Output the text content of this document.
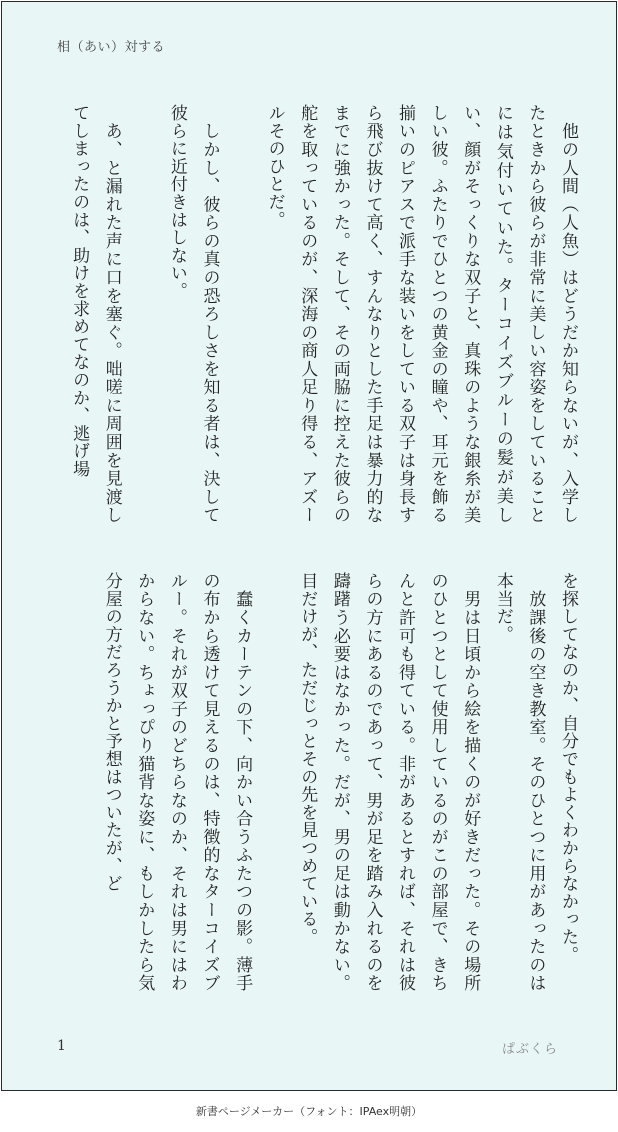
相（あい）対する

　他の人間（人魚）はどうだか知らないが、入学したときから彼らが非常に美しい容姿をしていることには気付いていた。ターコイズブルーの髪が美しい、顔がそっくりな双子と、真珠のような銀糸が美しい彼。ふたりでひとつの黄金の瞳や、耳元を飾る揃いのピアスで派手な装いをしている双子は身長すら飛び抜けて高く、すんなりとした手足は暴力的なまでに強かった。そして、その両脇に控えた彼らの舵を取っているのが、深海の商人足り得る、アズールそのひとだ。

　しかし、彼らの真の恐ろしさを知る者は、決して彼らに近付きはしない。

　あ、と漏れた声に口を塞ぐ。咄嗟に周囲を見渡してしまったのは、助けを求めてなのか、逃げ場

を探してなのか、自分でもよくわからなかった。

　放課後の空き教室。そのひとつに用があったのは本当だ。

　男は日頃から絵を描くのが好きだった。その場所のひとつとして使用しているのがこの部屋で、きちんと許可も得ている。非があるとすれば、それは彼らの方にあるのであって、男が足を踏み入れるのを躊躇う必要はなかった。だが、男の足は動かない。目だけが、ただじっとその先を見つめている。

　蠢くカーテンの下、向かい合うふたつの影。薄手の布から透けて見えるのは、特徴的なターコイズブルー。それが双子のどちらなのか、それは男にはわからない。ちょっぴり猫背な姿に、もしかしたら気分屋の方だろうかと予想はついたが、ど

1	ぱぶくら
新書ページメーカー（フォント：IPAex明朝）
